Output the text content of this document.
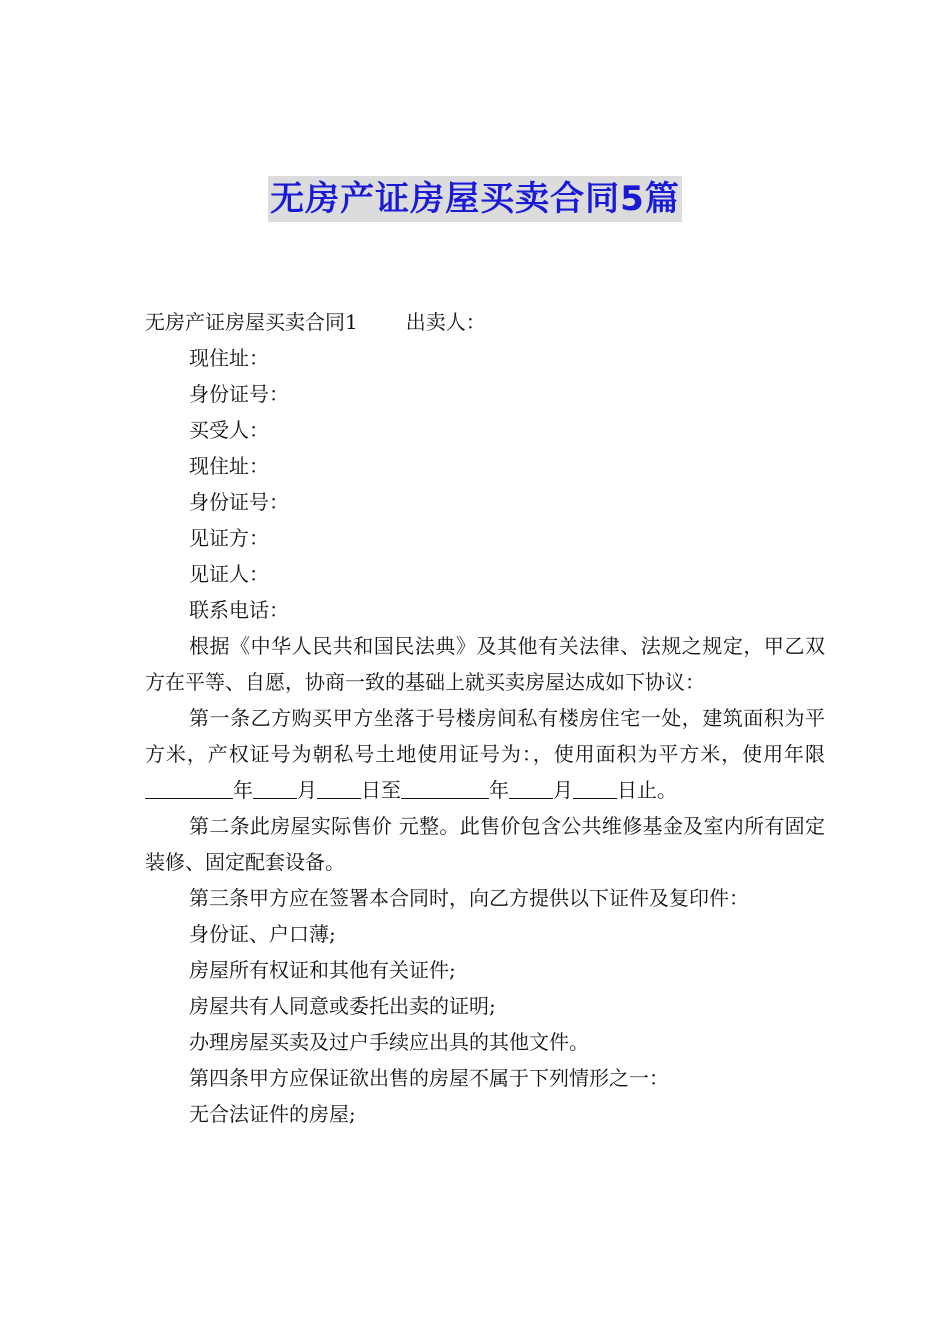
无房产证房屋买卖合同5篇

无房产证房屋买卖合同1 出卖人：

现住址：

身份证号：

买受人：

现住址：

身份证号：

见证方：

见证人：

联系电话：

根据《中华人民共和国民法典》及其他有关法律、法规之规定，甲乙双方在平等、自愿，协商一致的基础上就买卖房屋达成如下协议：

第一条乙方购买甲方坐落于号楼房间私有楼房住宅一处，建筑面积为平方米，产权证号为朝私号土地使用证号为：，使用面积为平方米，使用年限年 月 日至	年 月 日止。

第二条此房屋实际售价 元整。此售价包含公共维修基金及室内所有固定装修、固定配套设备。

第三条甲方应在签署本合同时，向乙方提供以下证件及复印件：

身份证、户口薄;

房屋所有权证和其他有关证件;

房屋共有人同意或委托出卖的证明;

办理房屋买卖及过户手续应出具的其他文件。

第四条甲方应保证欲出售的房屋不属于下列情形之一：

无合法证件的房屋;
